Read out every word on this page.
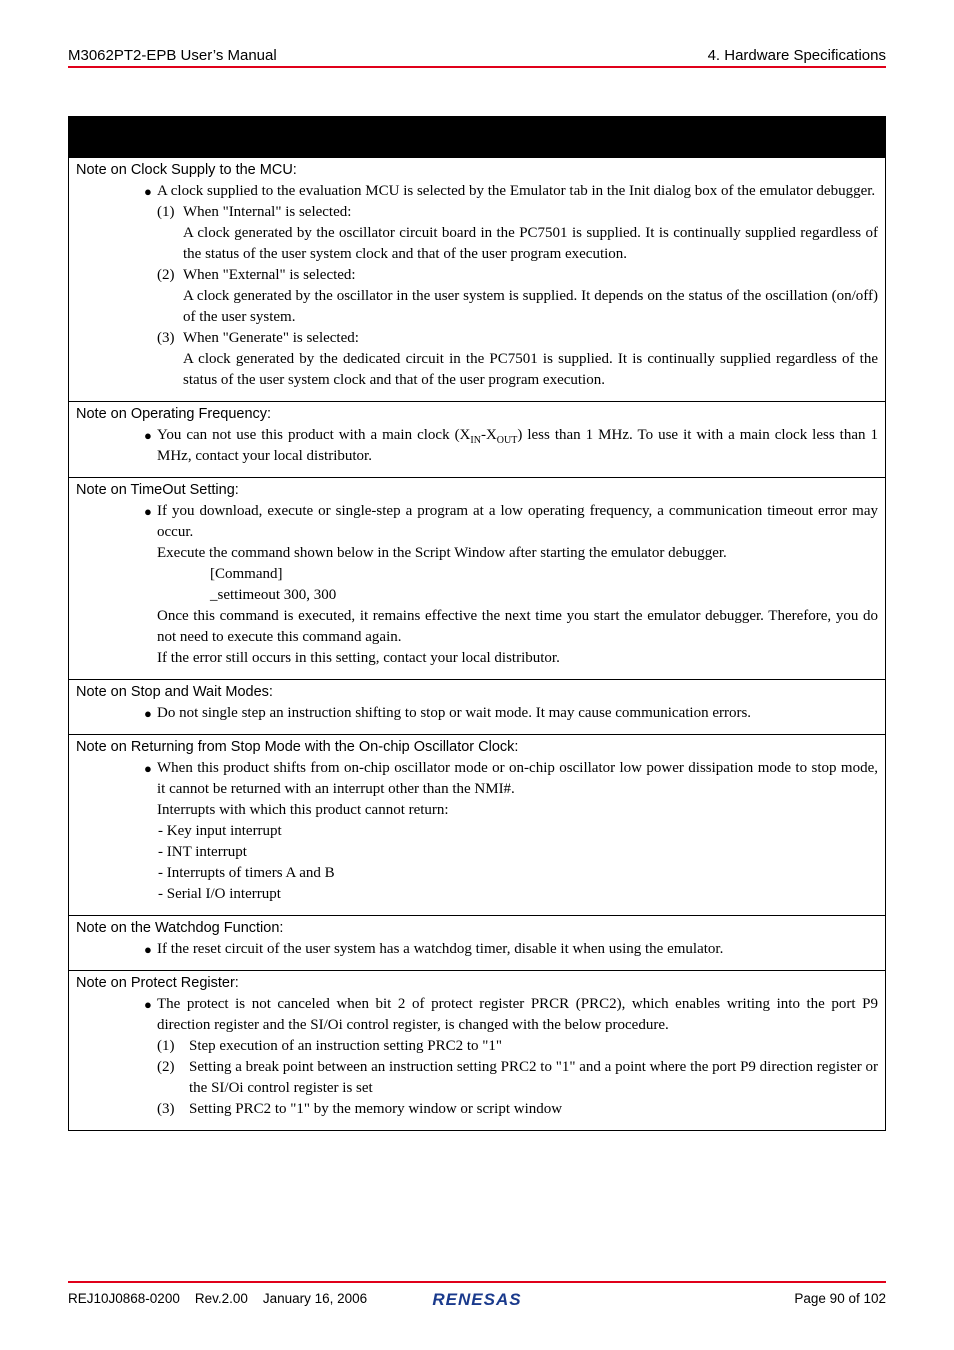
M3062PT2-EPB User’s Manual	4. Hardware Specifications
Note on Clock Supply to the MCU:
● A clock supplied to the evaluation MCU is selected by the Emulator tab in the Init dialog box of the emulator debugger.
(1) When "Internal" is selected:
A clock generated by the oscillator circuit board in the PC7501 is supplied. It is continually supplied regardless of the status of the user system clock and that of the user program execution.
(2) When "External" is selected:
A clock generated by the oscillator in the user system is supplied. It depends on the status of the oscillation (on/off) of the user system.
(3) When "Generate" is selected:
A clock generated by the dedicated circuit in the PC7501 is supplied. It is continually supplied regardless of the status of the user system clock and that of the user program execution.
Note on Operating Frequency:
● You can not use this product with a main clock $(X_{IN}-X_{OUT})$ less than 1 MHz. To use it with a main clock less than 1 MHz, contact your local distributor.
Note on TimeOut Setting:
● If you download, execute or single-step a program at a low operating frequency, a communication timeout error may occur.
Execute the command shown below in the Script Window after starting the emulator debugger.
[Command]
_settimeout 300, 300
Once this command is executed, it remains effective the next time you start the emulator debugger. Therefore, you do not need to execute this command again.
If the error still occurs in this setting, contact your local distributor.
Note on Stop and Wait Modes:
● Do not single step an instruction shifting to stop or wait mode. It may cause communication errors.
Note on Returning from Stop Mode with the On-chip Oscillator Clock:
● When this product shifts from on-chip oscillator mode or on-chip oscillator low power dissipation mode to stop mode, it cannot be returned with an interrupt other than the NMI#.
Interrupts with which this product cannot return:
- Key input interrupt
- INT interrupt
- Interrupts of timers A and B
- Serial I/O interrupt
Note on the Watchdog Function:
● If the reset circuit of the user system has a watchdog timer, disable it when using the emulator.
Note on Protect Register:
● The protect is not canceled when bit 2 of protect register PRCR (PRC2), which enables writing into the port P9 direction register and the SI/Oi control register, is changed with the below procedure.
(1) Step execution of an instruction setting PRC2 to "1"
(2) Setting a break point between an instruction setting PRC2 to "1" and a point where the port P9 direction register or the SI/Oi control register is set
(3) Setting PRC2 to "1" by the memory window or script window
REJ10J0868-0200    Rev.2.00    January 16, 2006	RENESAS	Page 90 of 102
